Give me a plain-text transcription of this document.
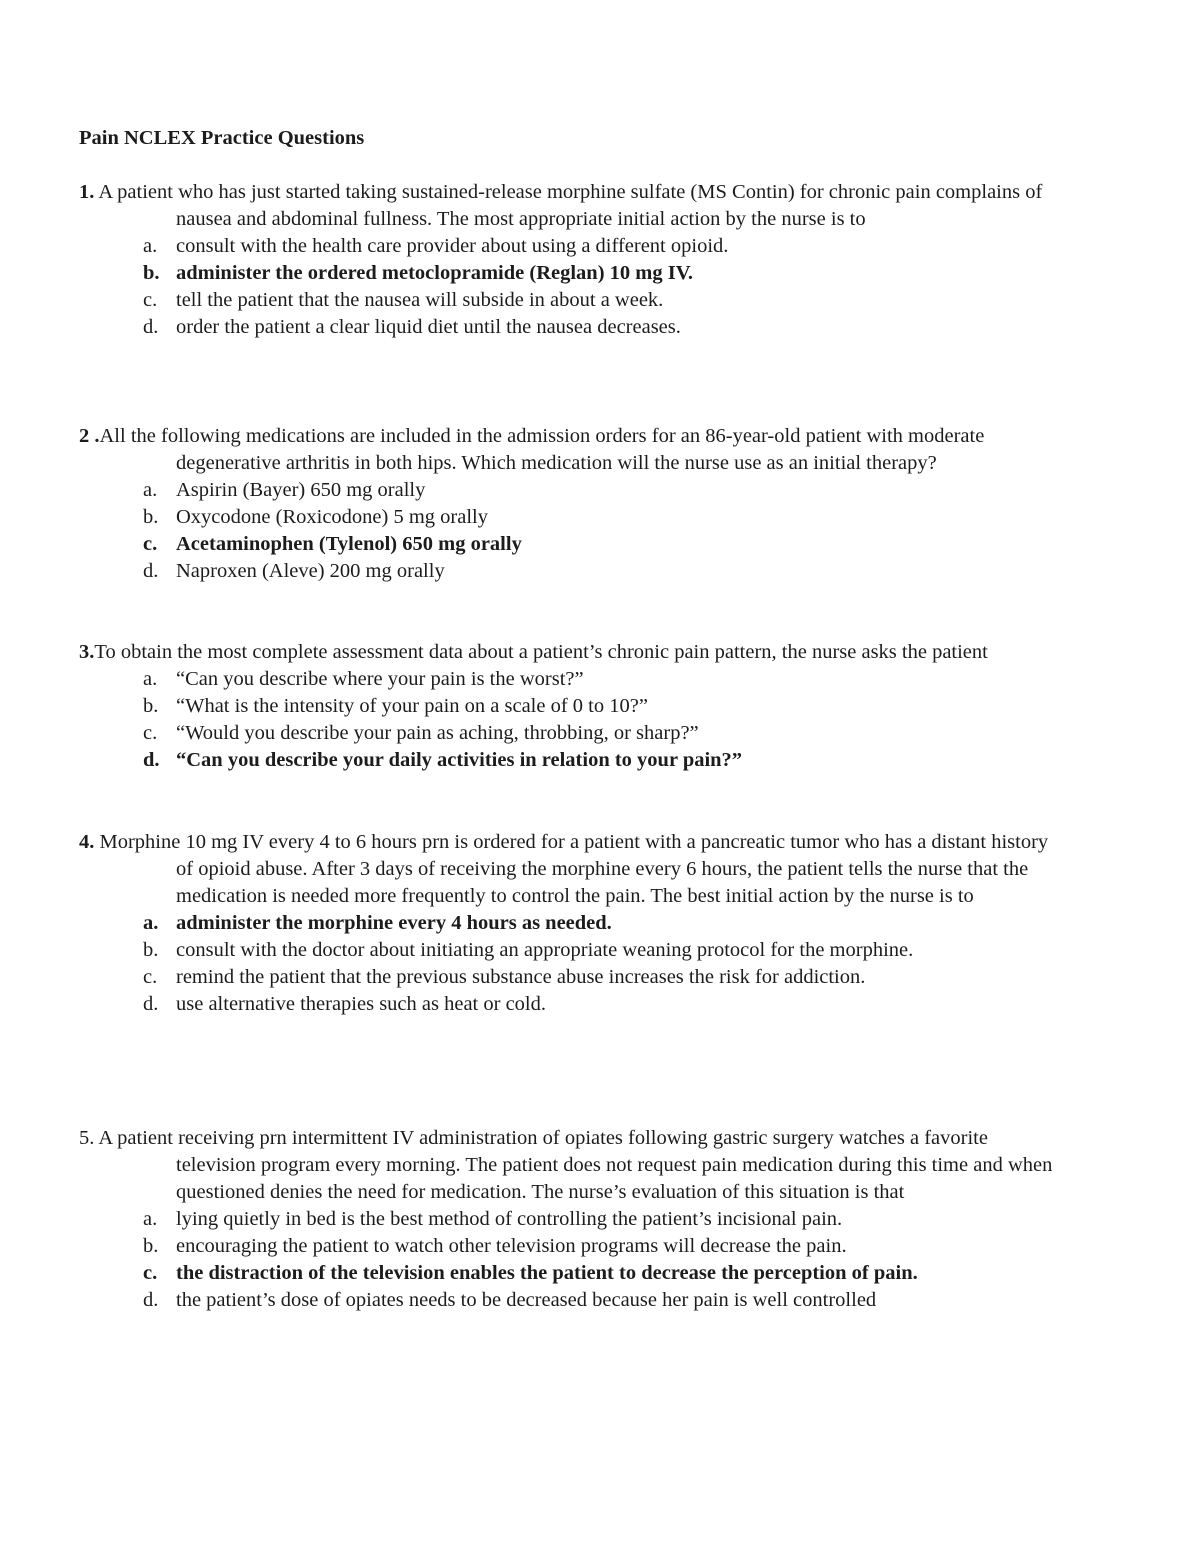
Pain NCLEX Practice Questions

1. A patient who has just started taking sustained-release morphine sulfate (MS Contin) for chronic pain complains of nausea and abdominal fullness. The most appropriate initial action by the nurse is to

a. consult with the health care provider about using a different opioid.
b. administer the ordered metoclopramide (Reglan) 10 mg IV.
c. tell the patient that the nausea will subside in about a week.
d. order the patient a clear liquid diet until the nausea decreases.

2 .All the following medications are included in the admission orders for an 86-year-old patient with moderate degenerative arthritis in both hips. Which medication will the nurse use as an initial therapy?

a. Aspirin (Bayer) 650 mg orally
b. Oxycodone (Roxicodone) 5 mg orally
c. Acetaminophen (Tylenol) 650 mg orally
d. Naproxen (Aleve) 200 mg orally

3.To obtain the most complete assessment data about a patient’s chronic pain pattern, the nurse asks the patient

a. “Can you describe where your pain is the worst?”
b. “What is the intensity of your pain on a scale of 0 to 10?”
c. “Would you describe your pain as aching, throbbing, or sharp?”
d. “Can you describe your daily activities in relation to your pain?”

4. Morphine 10 mg IV every 4 to 6 hours prn is ordered for a patient with a pancreatic tumor who has a distant history of opioid abuse. After 3 days of receiving the morphine every 6 hours, the patient tells the nurse that the medication is needed more frequently to control the pain. The best initial action by the nurse is to

a. administer the morphine every 4 hours as needed.
b. consult with the doctor about initiating an appropriate weaning protocol for the morphine.
c. remind the patient that the previous substance abuse increases the risk for addiction.
d. use alternative therapies such as heat or cold.

5. A patient receiving prn intermittent IV administration of opiates following gastric surgery watches a favorite television program every morning. The patient does not request pain medication during this time and when questioned denies the need for medication. The nurse’s evaluation of this situation is that

a. lying quietly in bed is the best method of controlling the patient’s incisional pain.
b. encouraging the patient to watch other television programs will decrease the pain.
c. the distraction of the television enables the patient to decrease the perception of pain.
d. the patient’s dose of opiates needs to be decreased because her pain is well controlled
